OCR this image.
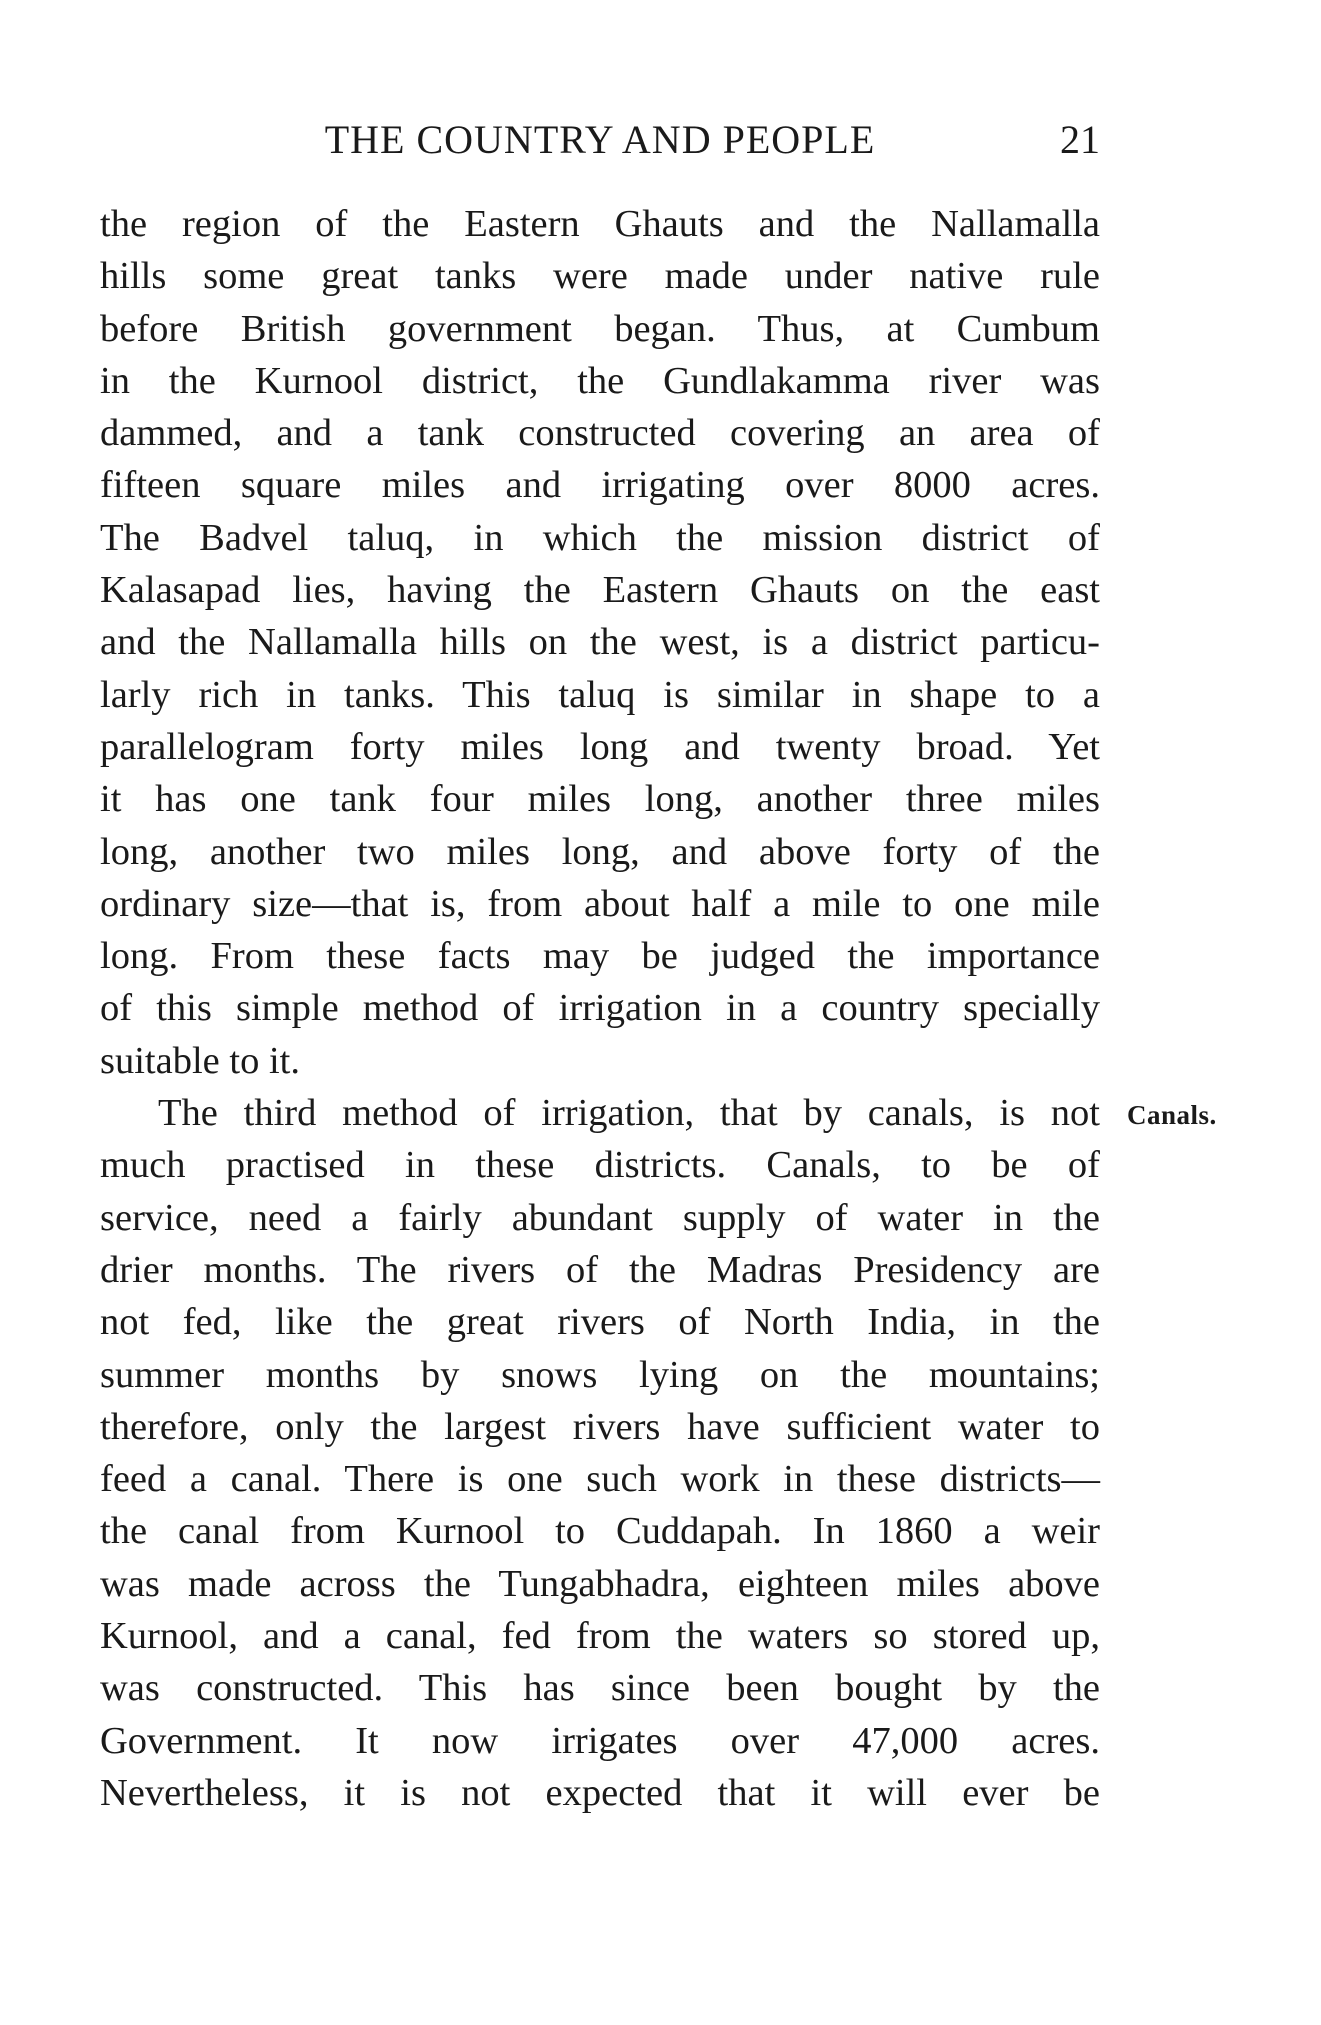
THE COUNTRY AND PEOPLE	21
the region of the Eastern Ghauts and the Nallamalla
hills some great tanks were made under native rule
before British government began. Thus, at Cumbum
in the Kurnool district, the Gundlakamma river was
dammed, and a tank constructed covering an area of
fifteen square miles and irrigating over 8000 acres.
The Badvel taluq, in which the mission district of
Kalasapad lies, having the Eastern Ghauts on the east
and the Nallamalla hills on the west, is a district particu-
larly rich in tanks. This taluq is similar in shape to a
parallelogram forty miles long and twenty broad. Yet
it has one tank four miles long, another three miles
long, another two miles long, and above forty of the
ordinary size—that is, from about half a mile to one mile
long. From these facts may be judged the importance
of this simple method of irrigation in a country specially
suitable to it.
The third method of irrigation, that by canals, is not
much practised in these districts. Canals, to be of
service, need a fairly abundant supply of water in the
drier months. The rivers of the Madras Presidency are
not fed, like the great rivers of North India, in the
summer months by snows lying on the mountains;
therefore, only the largest rivers have sufficient water to
feed a canal. There is one such work in these districts—
the canal from Kurnool to Cuddapah. In 1860 a weir
was made across the Tungabhadra, eighteen miles above
Kurnool, and a canal, fed from the waters so stored up,
was constructed. This has since been bought by the
Government. It now irrigates over 47,000 acres.
Nevertheless, it is not expected that it will ever be
Canals.
